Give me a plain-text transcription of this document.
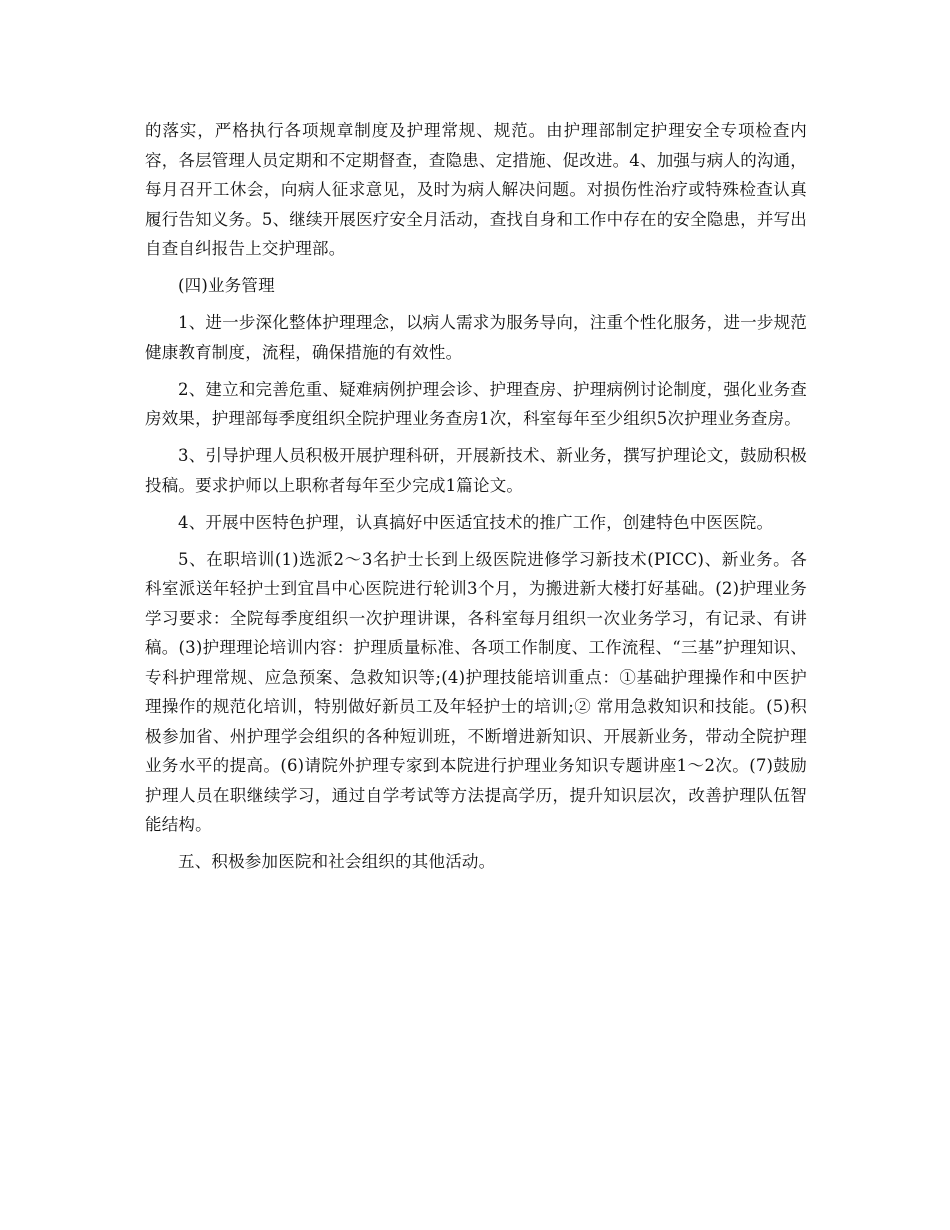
的落实，严格执行各项规章制度及护理常规、规范。由护理部制定护理安全专项检查内容，各层管理人员定期和不定期督查，查隐患、定措施、促改进。4、加强与病人的沟通，每月召开工休会，向病人征求意见，及时为病人解决问题。对损伤性治疗或特殊检查认真履行告知义务。5、继续开展医疗安全月活动，查找自身和工作中存在的安全隐患，并写出自查自纠报告上交护理部。

(四)业务管理

1、进一步深化整体护理理念，以病人需求为服务导向，注重个性化服务，进一步规范健康教育制度，流程，确保措施的有效性。

2、建立和完善危重、疑难病例护理会诊、护理查房、护理病例讨论制度，强化业务查房效果，护理部每季度组织全院护理业务查房1次，科室每年至少组织5次护理业务查房。

3、引导护理人员积极开展护理科研，开展新技术、新业务，撰写护理论文，鼓励积极投稿。要求护师以上职称者每年至少完成1篇论文。

4、开展中医特色护理，认真搞好中医适宜技术的推广工作，创建特色中医医院。

5、在职培训(1)选派2～3名护士长到上级医院进修学习新技术(PICC)、新业务。各科室派送年轻护士到宜昌中心医院进行轮训3个月，为搬进新大楼打好基础。(2)护理业务学习要求：全院每季度组织一次护理讲课，各科室每月组织一次业务学习，有记录、有讲稿。(3)护理理论培训内容：护理质量标准、各项工作制度、工作流程、“三基”护理知识、专科护理常规、应急预案、急救知识等;(4)护理技能培训重点：①基础护理操作和中医护理操作的规范化培训，特别做好新员工及年轻护士的培训;② 常用急救知识和技能。(5)积极参加省、州护理学会组织的各种短训班，不断增进新知识、开展新业务，带动全院护理业务水平的提高。(6)请院外护理专家到本院进行护理业务知识专题讲座1～2次。(7)鼓励护理人员在职继续学习，通过自学考试等方法提高学历，提升知识层次，改善护理队伍智能结构。

五、积极参加医院和社会组织的其他活动。
